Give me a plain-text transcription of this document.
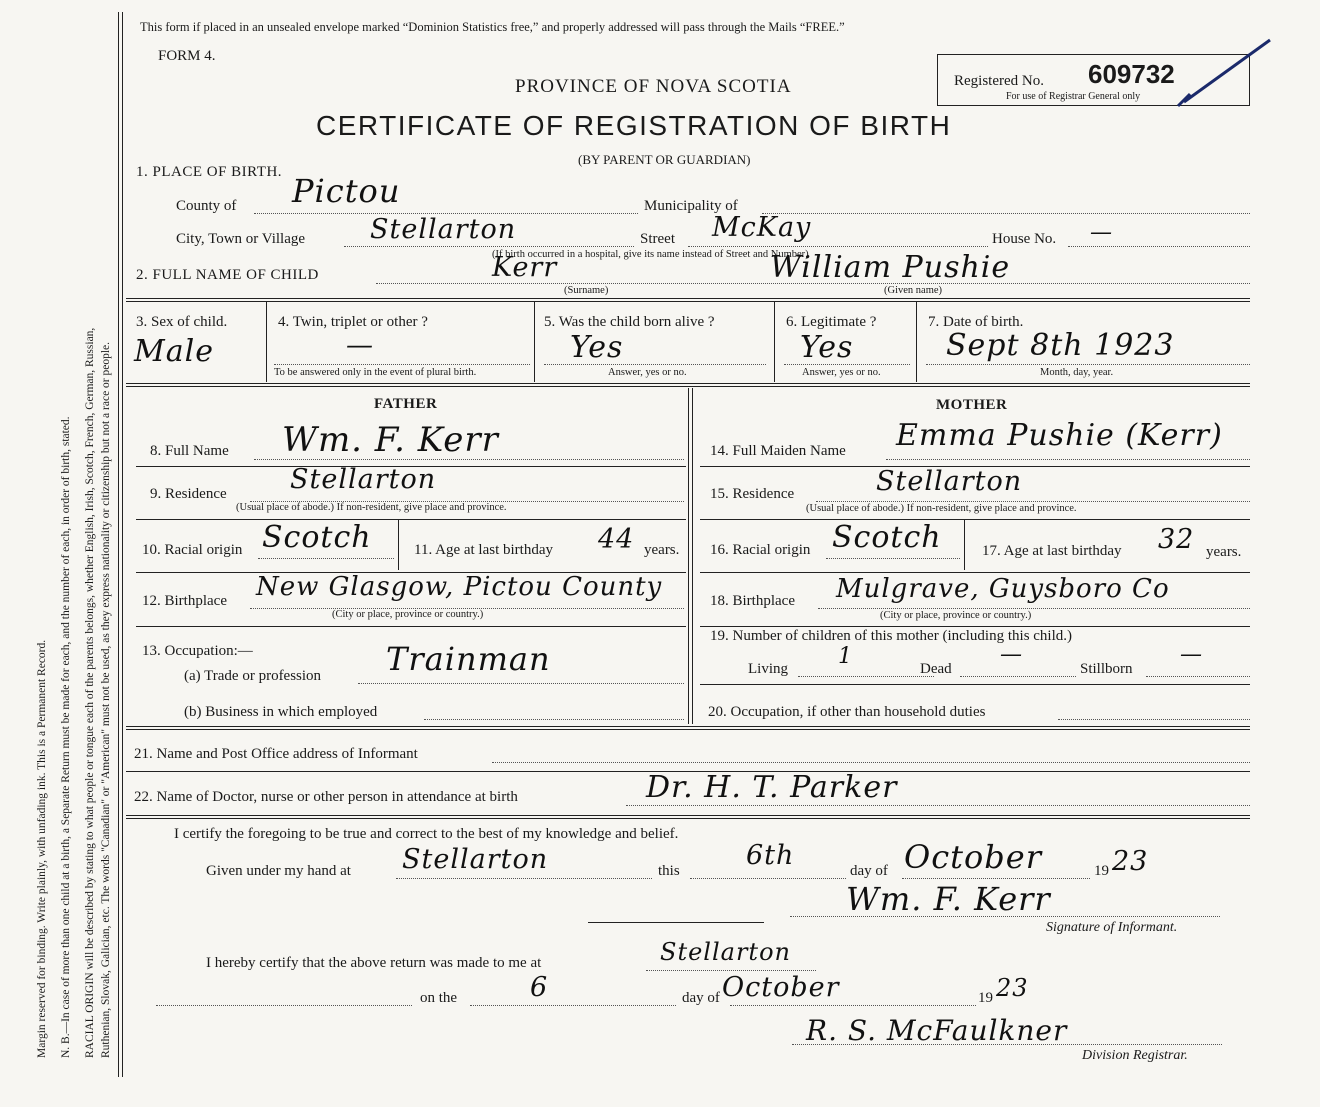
Margin reserved for binding. Write plainly, with unfading ink. This is a Permanent Record. N. B.—In case of more than one child at a birth, a Separate Return must be made for each, and the number of each, in order of birth, stated. RACIAL ORIGIN will be described by stating to what people or tongue each of the parents belongs, whether English, Irish, Scotch, French, German, Russian, Ruthenian, Slovak, Galician, etc. The words "Canadian" or "American" must not be used, as they express nationality or citizenship but not a race or people.
This form if placed in an unsealed envelope marked “Dominion Statistics free,” and properly addressed will pass through the Mails “FREE.”
FORM 4.
PROVINCE OF NOVA SCOTIA
CERTIFICATE OF REGISTRATION OF BIRTH
(BY PARENT OR GUARDIAN)
Registered No. 609732
For use of Registrar General only
1. PLACE OF BIRTH.
County of Pictou	Municipality of
City, Town or Village Stellarton	Street McKay	House No. —
(If birth occurred in a hospital, give its name instead of Street and Number)
2. FULL NAME OF CHILD	Kerr	William Pushie
(Surname)	(Given name)
3. Sex of child.
Male
4. Twin, triplet or other ?
—
To be answered only in the event of plural birth.
5. Was the child born alive ?
Yes
Answer, yes or no.
6. Legitimate ?
Yes
Answer, yes or no.
7. Date of birth.
Sept 8th 1923
Month, day, year.
FATHER	MOTHER
8. Full Name Wm. F. Kerr
9. Residence Stellarton
(Usual place of abode.) If non-resident, give place and province.
10. Racial origin Scotch	11. Age at last birthday 44 years.
12. Birthplace New Glasgow, Pictou County
(City or place, province or country.)
13. Occupation:—
(a) Trade or profession Trainman
(b) Business in which employed
14. Full Maiden Name Emma Pushie (Kerr)
15. Residence	Stellarton
(Usual place of abode.) If non-resident, give place and province.
16. Racial origin Scotch	17. Age at last birthday 32 years.
18. Birthplace Mulgrave, Guysboro Co
(City or place, province or country.)
19. Number of children of this mother (including this child.)
Living 1	Dead
—
Stillborn
—
20. Occupation, if other than household duties
21. Name and Post Office address of Informant
22. Name of Doctor, nurse or other person in attendance at birth	Dr. H. T. Parker
I certify the foregoing to be true and correct to the best of my knowledge and belief.
Given under my hand at Stellarton	this 6th	day of October	19 23
Wm. F. Kerr
Signature of Informant.
I hereby certify that the above return was made to me at	Stellarton
on the	6	day of October	19 23
R. S. McFaulkner
Division Registrar.
